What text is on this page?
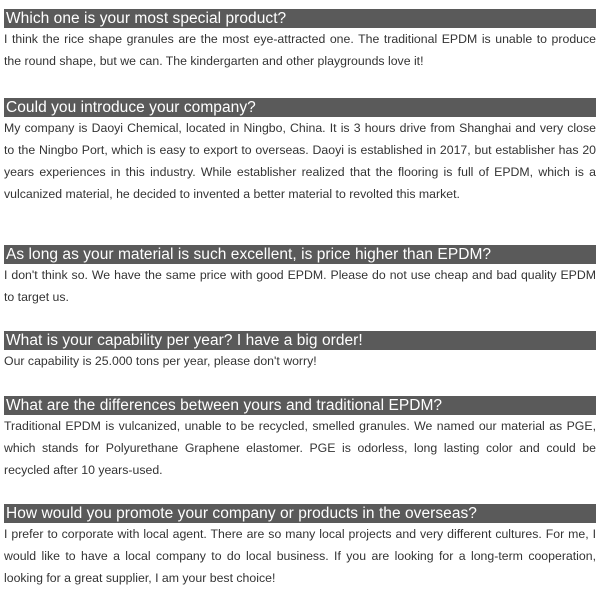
Which one is your most special product?

I think the rice shape granules are the most eye-attracted one. The traditional EPDM is unable to produce the round shape, but we can. The kindergarten and other playgrounds love it!

Could you introduce your company?

My company is Daoyi Chemical, located in Ningbo, China. It is 3 hours drive from Shanghai and very close to the Ningbo Port, which is easy to export to overseas. Daoyi is established in 2017, but establisher has 20 years experiences in this industry. While establisher realized that the flooring is full of EPDM, which is a vulcanized material, he decided to invented a better material to revolted this market.

As long as your material is such excellent, is price higher than EPDM?

I don't think so. We have the same price with good EPDM. Please do not use cheap and bad quality EPDM to target us.

What is your capability per year? I have a big order!

Our capability is 25.000 tons per year, please don't worry!

What are the differences between yours and traditional EPDM?

Traditional EPDM is vulcanized, unable to be recycled, smelled granules. We named our material as PGE, which stands for Polyurethane Graphene elastomer. PGE is odorless, long lasting color and could be recycled after 10 years-used.

How would you promote your company or products in the overseas?

I prefer to corporate with local agent. There are so many local projects and very different cultures. For me, I would like to have a local company to do local business. If you are looking for a long-term cooperation, looking for a great supplier, I am your best choice!
